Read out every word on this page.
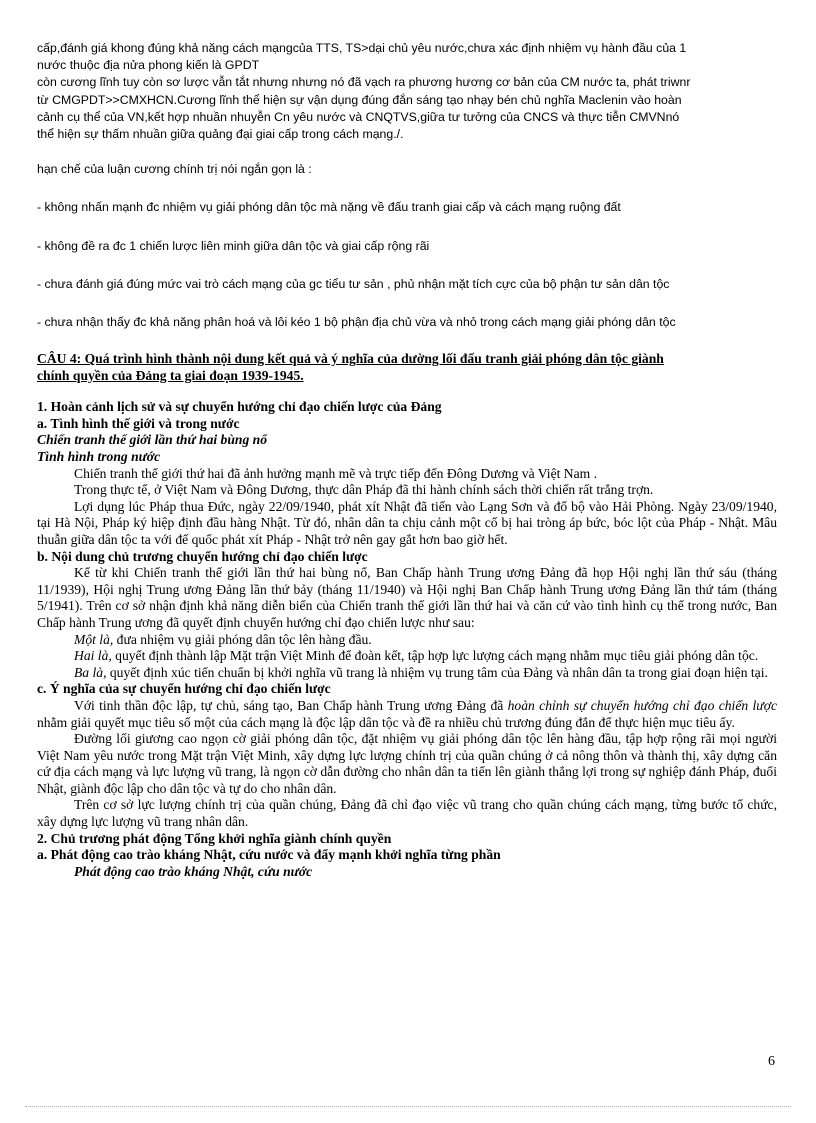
cấp,đánh giá khong đúng khả năng cách mạngcủa TTS, TS>dại chủ yêu nước,chưa xác định nhiệm vụ hành đầu của 1

nước thuộc địa nửa phong kiến là GPDT

còn cương lĩnh tuy còn sơ lược vẫn tắt nhưng nhưng nó đã vạch ra phương hương cơ bản của CM nước ta, phát triwnr

từ CMGPDT>>CMXHCN.Cương lĩnh thể hiện sự vận dụng đúng đắn sáng tạo nhạy bén chủ nghĩa Maclenin vào hoàn

cảnh cụ thể của VN,kết hợp nhuần nhuyễn Cn yêu nước và CNQTVS,giữa tư tưởng của CNCS và thực tiễn CMVNnó

thể hiện sự thấm nhuần giữa quảng đại giai cấp trong cách mạng./.

hạn chế của luận cương chính trị nói ngắn gọn là :

- không nhấn mạnh đc nhiệm vụ giải phóng dân tộc mà nặng về đấu tranh giai cấp và cách mạng ruộng đất

- không đề ra đc 1 chiến lược liên minh giữa dân tộc và giai cấp rộng rãi

- chưa đánh giá đúng mức vai trò cách mạng của gc tiểu tư sản , phủ nhận mặt tích cực của bộ phận tư sản dân tộc

- chưa nhận thấy đc khả năng phân hoá và lôi kéo 1 bộ phận địa chủ vừa và nhỏ trong cách mạng giải phóng dân tộc

CÂU 4: Quá trình hình thành nội dung kết quả và ý nghĩa của dường lối đấu tranh giải phóng dân tộc giành

chính quyền của Đảng ta giai đoạn 1939-1945.

1. Hoàn cảnh lịch sử và sự chuyển hướng chỉ đạo chiến lược của Đảng

a. Tình hình thế giới và trong nước

Chiến tranh thế giới lần thứ hai bùng nổ

Tình hình trong nước

Chiến tranh thế giới thứ hai đã ảnh hưởng mạnh mẽ và trực tiếp đến Đông Dương và Việt Nam .

Trong thực tế, ở Việt Nam và Đông Dương, thực dân Pháp đã thi hành chính sách thời chiến rất trắng trợn.

Lợi dụng lúc Pháp thua Đức, ngày 22/09/1940, phát xít Nhật đã tiến vào Lạng Sơn và đổ bộ vào Hải Phòng. Ngày 23/09/1940, tại Hà Nội, Pháp ký hiệp định đầu hàng Nhật. Từ đó, nhân dân ta chịu cảnh một cổ bị hai tròng áp bức, bóc lột của Pháp - Nhật. Mâu thuẫn giữa dân tộc ta với đế quốc phát xít Pháp - Nhật trở nên gay gắt hơn bao giờ hết.

b. Nội dung chủ trương chuyển hướng chỉ đạo chiến lược

Kể từ khi Chiến tranh thế giới lần thứ hai bùng nổ, Ban Chấp hành Trung ương Đảng đã họp Hội nghị lần thứ sáu (tháng 11/1939), Hội nghị Trung ương Đảng lần thứ bảy (tháng 11/1940) và Hội nghị Ban Chấp hành Trung ương Đảng lần thứ tám (tháng 5/1941). Trên cơ sở nhận định khả năng diễn biến của Chiến tranh thế giới lần thứ hai và căn cứ vào tình hình cụ thể trong nước, Ban Chấp hành Trung ương đã quyết định chuyển hướng chỉ đạo chiến lược như sau:

Một là, đưa nhiệm vụ giải phóng dân tộc lên hàng đầu.

Hai là, quyết định thành lập Mặt trận Việt Minh để đoàn kết, tập hợp lực lượng cách mạng nhằm mục tiêu giải phóng dân tộc.

Ba là, quyết định xúc tiến chuẩn bị khởi nghĩa vũ trang là nhiệm vụ trung tâm của Đảng và nhân dân ta trong giai đoạn hiện tại.

c. Ý nghĩa của sự chuyển hướng chỉ đạo chiến lược

Với tinh thần độc lập, tự chủ, sáng tạo, Ban Chấp hành Trung ương Đảng đã hoàn chỉnh sự chuyển hướng chỉ đạo chiến lược nhằm giải quyết mục tiêu số một của cách mạng là độc lập dân tộc và đề ra nhiều chủ trương đúng đắn để thực hiện mục tiêu ấy.

Đường lối giương cao ngọn cờ giải phóng dân tộc, đặt nhiệm vụ giải phóng dân tộc lên hàng đầu, tập hợp rộng rãi mọi người Việt Nam yêu nước trong Mặt trận Việt Minh, xây dựng lực lượng chính trị của quần chúng ở cả nông thôn và thành thị, xây dựng căn cứ địa cách mạng và lực lượng vũ trang, là ngọn cờ dẫn đường cho nhân dân ta tiến lên giành thắng lợi trong sự nghiệp đánh Pháp, đuổi Nhật, giành độc lập cho dân tộc và tự do cho nhân dân.

Trên cơ sở lực lượng chính trị của quần chúng, Đảng đã chỉ đạo việc vũ trang cho quần chúng cách mạng, từng bước tổ chức, xây dựng lực lượng vũ trang nhân dân.

2. Chủ trương phát động Tổng khởi nghĩa giành chính quyền

a. Phát động cao trào kháng Nhật, cứu nước và đẩy mạnh khởi nghĩa từng phần

Phát động cao trào kháng Nhật, cứu nước

6
